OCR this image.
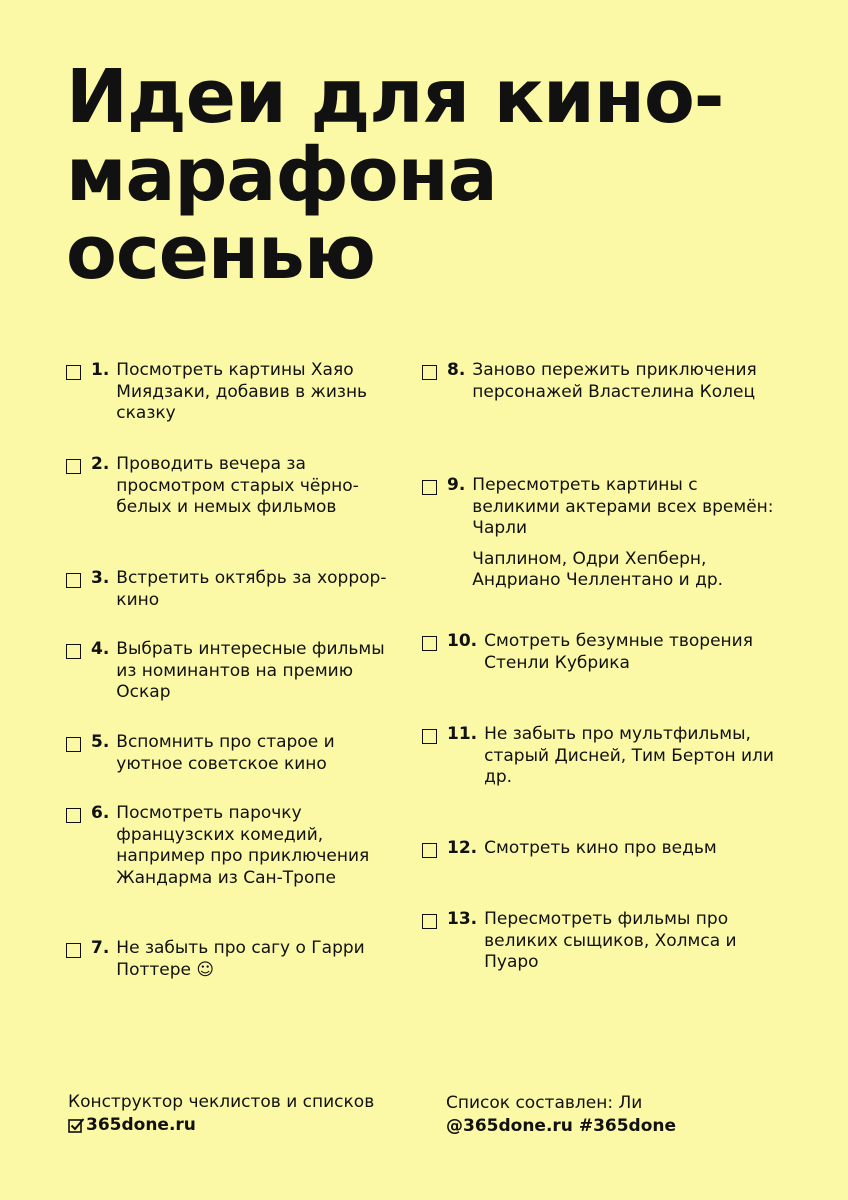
Идеи для кино-
марафона
осенью
1. Посмотреть картины Хаяо Миядзаки, добавив в жизнь сказку
2. Проводить вечера за просмотром старых чёрно-белых и немых фильмов
3. Встретить октябрь за хоррор-кино
4. Выбрать интересные фильмы из номинантов на премию Оскар
5. Вспомнить про старое и уютное советское кино
6. Посмотреть парочку французских комедий, например про приключения Жандарма из Сан-Тропе
7. Не забыть про сагу о Гарри Поттере ☺
8. Заново пережить приключения персонажей Властелина Колец
9. Пересмотреть картины с великими актерами всех времён: Чарли
Чаплином, Одри Хепберн, Андриано Челлентано и др.
10. Смотреть безумные творения Стенли Кубрика
11. Не забыть про мультфильмы, старый Дисней, Тим Бертон или др.
12. Смотреть кино про ведьм
13. Пересмотреть фильмы про великих сыщиков, Холмса и Пуаро
Конструктор чеклистов и списков
365done.ru
Список составлен: Ли
@365done.ru #365done
